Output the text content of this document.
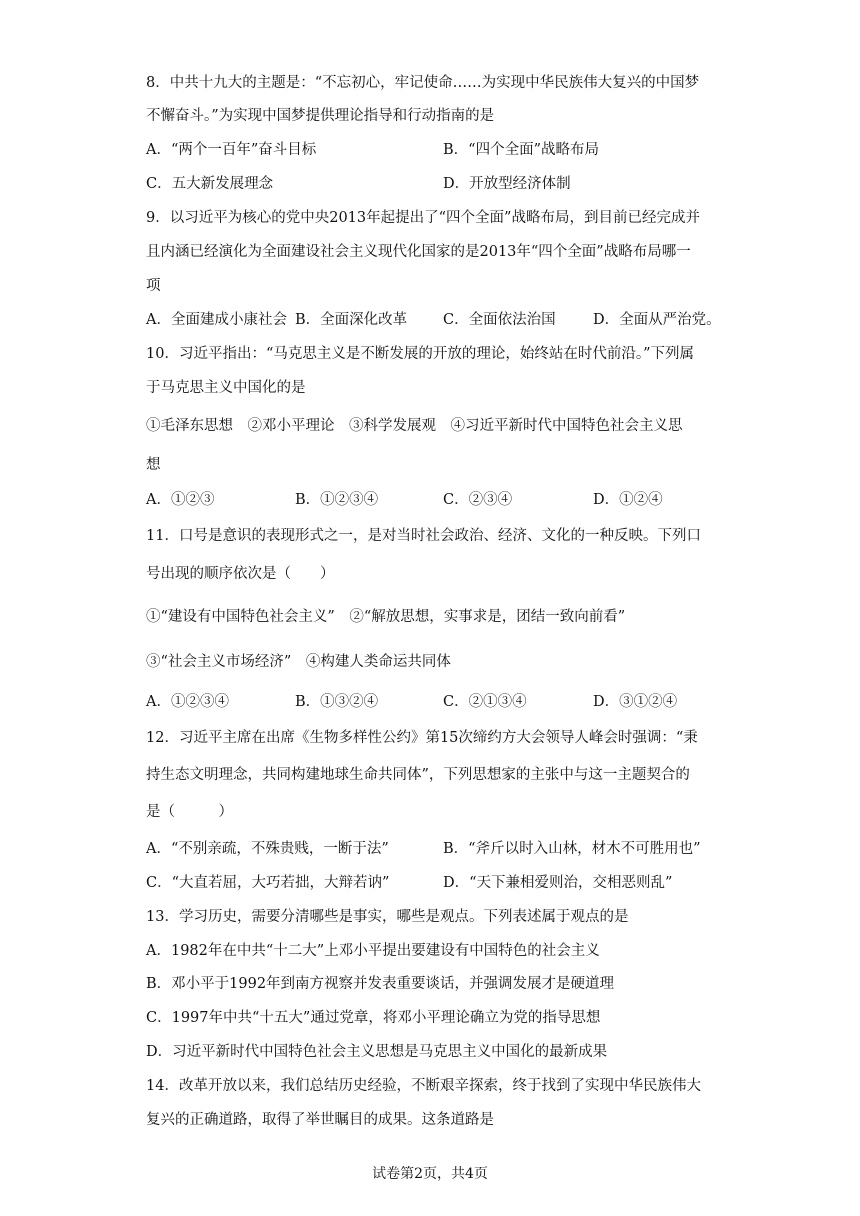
8．中共十九大的主题是：“不忘初心，牢记使命……为实现中华民族伟大复兴的中国梦
不懈奋斗。”为实现中国梦提供理论指导和行动指南的是
A．“两个一百年”奋斗目标	B．“四个全面”战略布局
C．五大新发展理念	D．开放型经济体制
9．以习近平为核心的党中央2013年起提出了“四个全面”战略布局，到目前已经完成并
且内涵已经演化为全面建设社会主义现代化国家的是2013年“四个全面”战略布局哪一
项
A．全面建成小康社会 B．全面深化改革 C．全面依法治国	D．全面从严治党。
10．习近平指出：“马克思主义是不断发展的开放的理论，始终站在时代前沿。”下列属
于马克思主义中国化的是
①毛泽东思想　②邓小平理论　③科学发展观　④习近平新时代中国特色社会主义思
想
A．①②③	B．①②③④	C．②③④	D．①②④
11．口号是意识的表现形式之一，是对当时社会政治、经济、文化的一种反映。下列口
号出现的顺序依次是（　　）
①“建设有中国特色社会主义”　②“解放思想，实事求是，团结一致向前看”
③“社会主义市场经济”　④构建人类命运共同体
A．①②③④	B．①③②④	C．②①③④	D．③①②④
12．习近平主席在出席《生物多样性公约》第15次缔约方大会领导人峰会时强调：“秉
持生态文明理念，共同构建地球生命共同体”，下列思想家的主张中与这一主题契合的
是（　　　）
A．“不别亲疏，不殊贵贱，一断于法”	B．“斧斤以时入山林，材木不可胜用也”
C．“大直若屈，大巧若拙，大辩若讷”	D．“天下兼相爱则治，交相恶则乱”
13．学习历史，需要分清哪些是事实，哪些是观点。下列表述属于观点的是
A．1982年在中共“十二大”上邓小平提出要建设有中国特色的社会主义
B．邓小平于1992年到南方视察并发表重要谈话，并强调发展才是硬道理
C．1997年中共“十五大”通过党章，将邓小平理论确立为党的指导思想
D．习近平新时代中国特色社会主义思想是马克思主义中国化的最新成果
14．改革开放以来，我们总结历史经验，不断艰辛探索，终于找到了实现中华民族伟大
复兴的正确道路，取得了举世瞩目的成果。这条道路是
试卷第2页，共4页
